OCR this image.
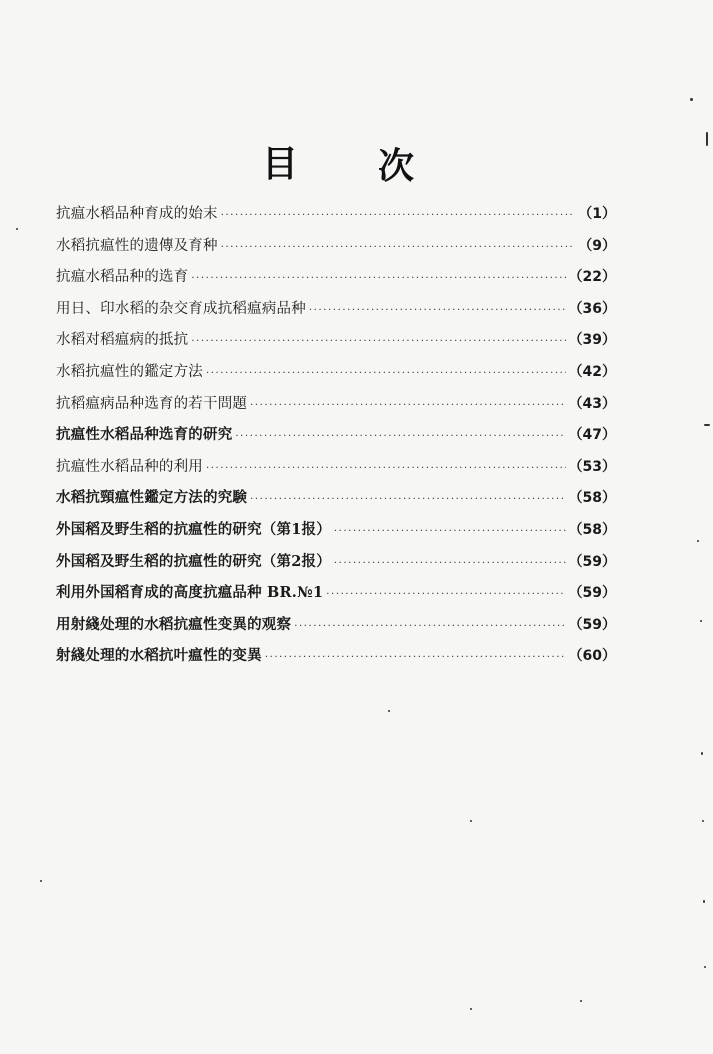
目 次
抗瘟水稻品种育成的始末 ·····	（1）
水稻抗瘟性的遗傳及育种 ·····	（9）
抗瘟水稻品种的选育 ·····	（22）
用日、印水稻的杂交育成抗稻瘟病品种 ·····	（36）
水稻对稻瘟病的抵抗 ·····	（39）
水稻抗瘟性的鑑定方法 ·····	（42）
抗稻瘟病品种选育的若干問題 ·····	（43）
抗瘟性水稻品种选育的研究 ·····	（47）
抗瘟性水稻品种的利用 ·····	（53）
水稻抗頸瘟性鑑定方法的究験 ·····	（58）
外国稻及野生稻的抗瘟性的研究（第1报） ·····	（58）
外国稻及野生稻的抗瘟性的研究（第2报） ·····	（59）
利用外国稻育成的高度抗瘟品种 BR.№1 ·····	（59）
用射綫处理的水稻抗瘟性变異的观察 ·····	（59）
射綫处理的水稻抗叶瘟性的变異 ·····	（60）
